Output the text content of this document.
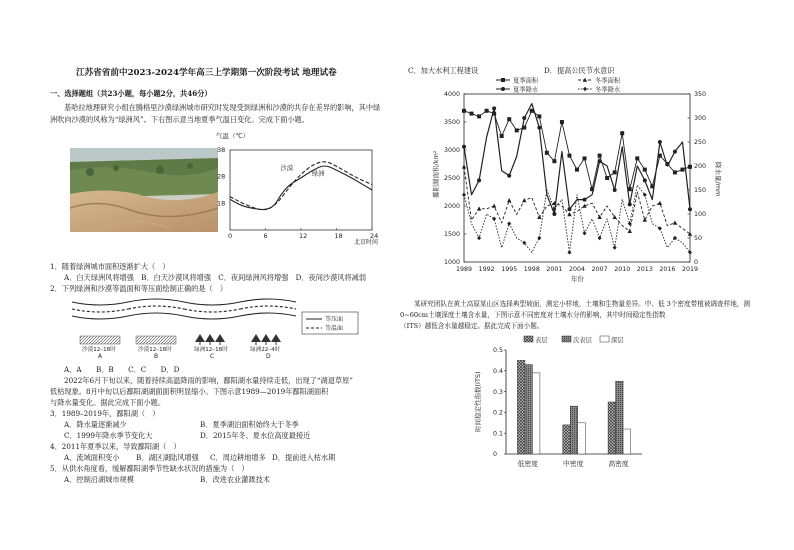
江苏省省前中2023-2024学年高三上学期第一次阶段考试 地理试卷
一、选择题组（共23小题，每小题2分，共46分）
基哈拉地理研究小组在腾格里沙漠绿洲城市研究时发现受到绿洲和沙漠的共存在差异的影响，其中绿
洲吹向沙漠的风称为“绿洲风”。下右图示意当地夏季气温日变化。完成下面小题。
气温（℃）
北京时间
38
28
18
0	6	12	18	24
沙漠
绿洲
1．随着绿洲城市面积逐渐扩大（　）
A．白天绿洲风将增强　B．白天沙漠风将增强　C．夜间绿洲风将增强　D．夜间沙漠风将减弱
2．下列绿洲和沙漠等温面和等压面绘制正确的是（　）
沙漠12–18时
A
沙漠12–18时
B
绿洲12–18时
C
绿洲22–4时
D
等压面
等温面
A．A　　B．B　　C．C　　D．D
2022年6月下旬以来，随着持续高温降雨的影响，鄱阳湖水量持续走低，出现了“湖退草原”
低枯现象。8月中旬以后鄱阳湖湖面面积明显缩小。下图示意1989—2019年鄱阳湖面积
与降水量变化。据此完成下面小题。
3．1989–2019年，鄱阳湖（　）
A．降水量逐渐减少	B．夏季湖泊面积始终大于冬季
C．1999年降水季节变化大	D．2015年冬、夏水位高度最接近
4．2011年夏季以来，导致鄱阳湖（　）
A．流域面积变小 B．湖区湖陆风增强 C．周边耕地增多 D．提前进入枯水期
5．从供水角度看，缓解鄱阳湖季节性缺水状况的措施为（　）
A．控制沿湖城市规模	B．改进农业灌溉技术
C．加大水利工程建设	D．提高公民节水意识
夏季面积	冬季面积
夏季降水	冬季降水
4000
3500
3000
2500
2000
1500
1000
350
300
250
200
150
100
50
0
1989 1992 1995 1998 2001 2004 2007 2010 2013 2016 2019
鄱阳湖面积/km²	降水量/mm
年份
某研究团队在黄土高原某山区选择典型坡面，测定小样地，土壤和生物量差异。中、低 3个密度带植被调查样地，测
0~60cm土壤深度土壤含水量，下图示意不同密度对土壤水分的影响，其中时间稳定性指数
（ITS）越低含水量越稳定。据此完成下面小题。
表层	次表层	深层
0.5
0.4
0.3
0.2
0.1
0
时间稳定性指数(ITS)
低密度	中密度	高密度
